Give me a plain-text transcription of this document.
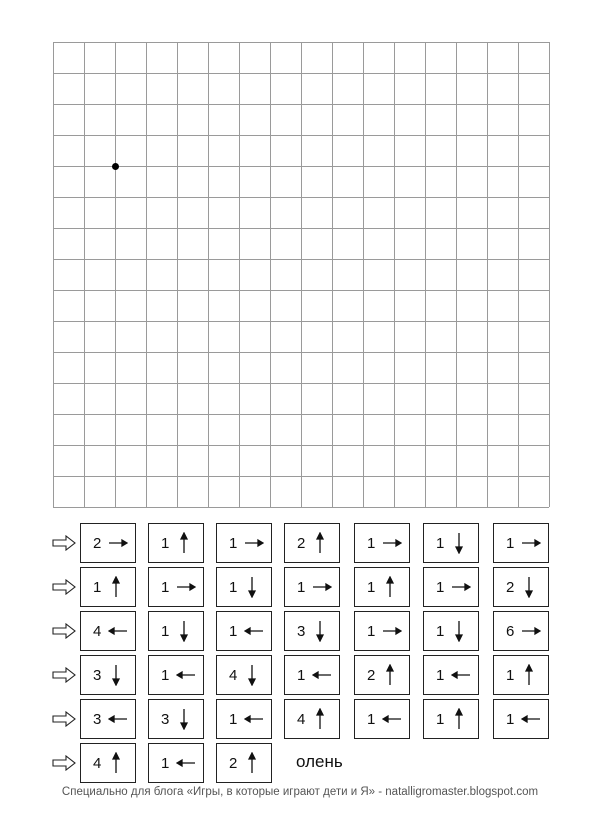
2	1	1	2	1	1	1
1	1	1	1	1	1	2
4	1	1	3	1	1	6
3	1	4	1	2	1	1
3	3	1	4	1	1	1
4	1	2	олень
Специально для блога «Игры, в которые играют дети и Я» - natalligromaster.blogspot.com
